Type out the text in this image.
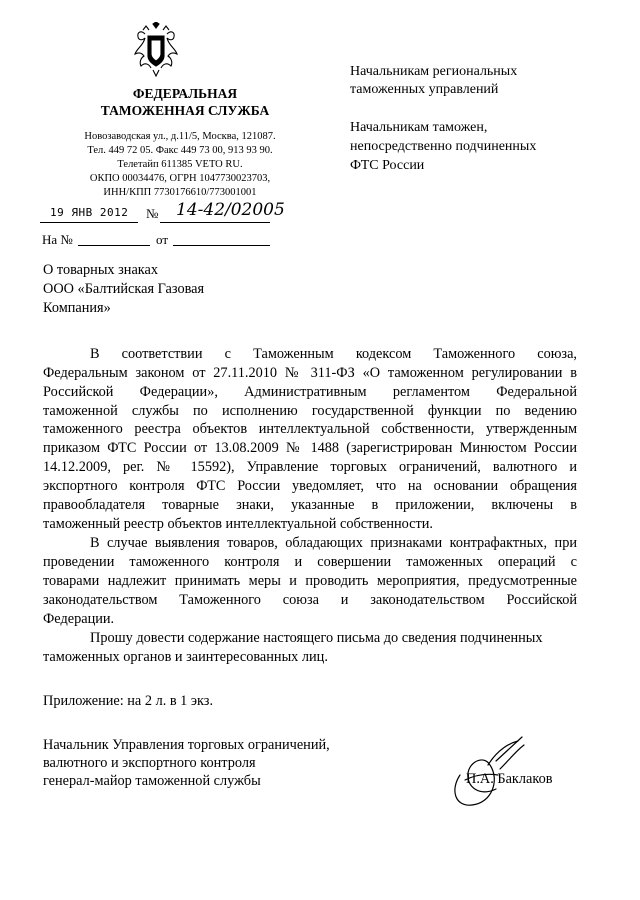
ФЕДЕРАЛЬНАЯ
ТАМОЖЕННАЯ СЛУЖБА
Новозаводская ул., д.11/5, Москва, 121087.
Тел. 449 72 05. Факс 449 73 00, 913 93 90.
Телетайп 611385 VETO RU.
ОКПО 00034476, ОГРН 1047730023703,
ИНН/КПП 7730176610/773001001
19 ЯНВ 2012 № 14-42/02005
На №	от
Начальникам региональных
таможенных управлений
Начальникам таможен,
непосредственно подчиненных
ФТС России
О товарных знаках
ООО «Балтийская Газовая
Компания»
В соответствии с Таможенным кодексом Таможенного союза,
Федеральным законом от 27.11.2010 № 311-ФЗ «О таможенном регулировании в
Российской Федерации», Административным регламентом Федеральной
таможенной службы по исполнению государственной функции по ведению
таможенного реестра объектов интеллектуальной собственности, утвержденным
приказом ФТС России от 13.08.2009 № 1488 (зарегистрирован Минюстом России
14.12.2009, рег. № 15592), Управление торговых ограничений, валютного и
экспортного контроля ФТС России уведомляет, что на основании обращения
правообладателя товарные знаки, указанные в приложении, включены в
таможенный реестр объектов интеллектуальной собственности.
В случае выявления товаров, обладающих признаками контрафактных, при
проведении таможенного контроля и совершении таможенных операций с
товарами надлежит принимать меры и проводить мероприятия, предусмотренные
законодательством Таможенного союза и законодательством Российской
Федерации.
Прошу довести содержание настоящего письма до сведения подчиненных
таможенных органов и заинтересованных лиц.
Приложение: на 2 л. в 1 экз.
Начальник Управления торговых ограничений,
валютного и экспортного контроля
генерал-майор таможенной службы	П.А. Баклаков
